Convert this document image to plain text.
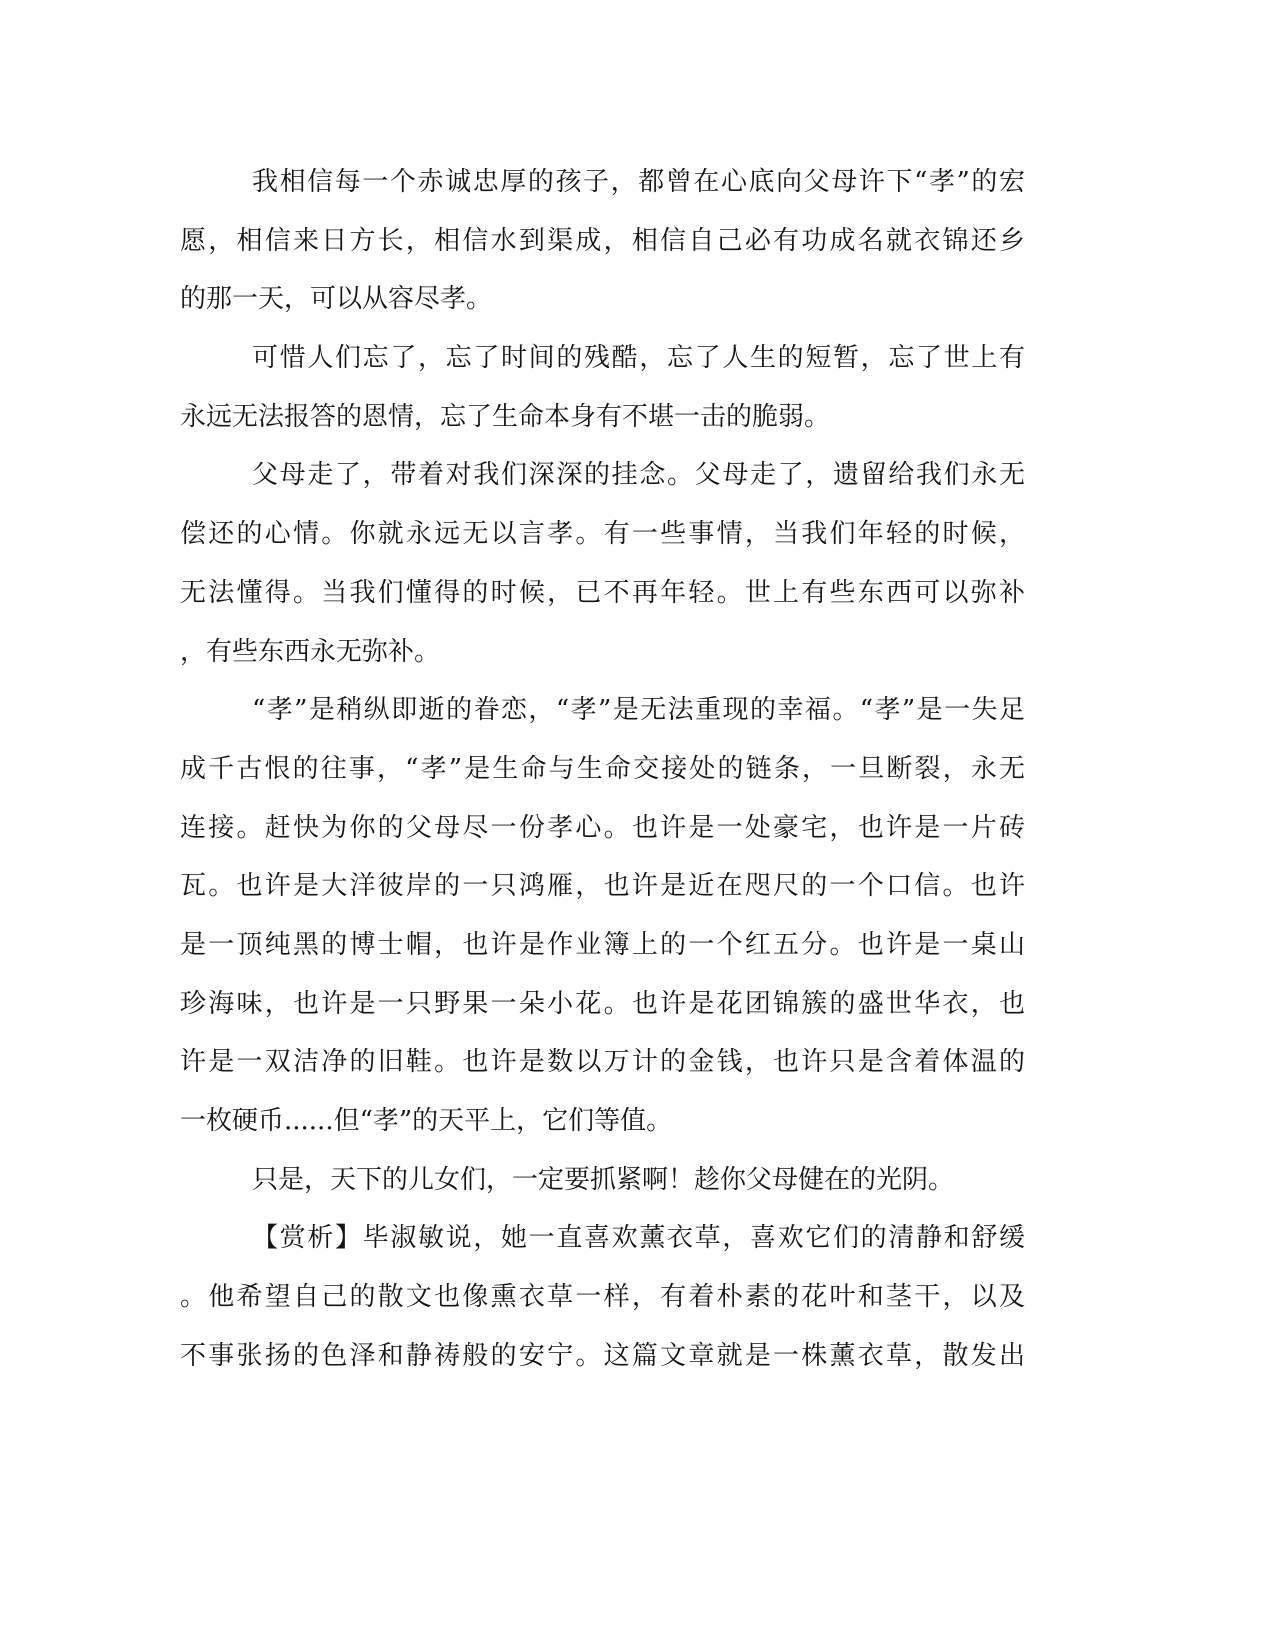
我相信每一个赤诚忠厚的孩子，都曾在心底向父母许下“孝”的宏
愿，相信来日方长，相信水到渠成，相信自己必有功成名就衣锦还乡
的那一天，可以从容尽孝。
可惜人们忘了，忘了时间的残酷，忘了人生的短暂，忘了世上有
永远无法报答的恩情，忘了生命本身有不堪一击的脆弱。
父母走了，带着对我们深深的挂念。父母走了，遗留给我们永无
偿还的心情。你就永远无以言孝。有一些事情，当我们年轻的时候，
无法懂得。当我们懂得的时候，已不再年轻。世上有些东西可以弥补
，有些东西永无弥补。
“孝”是稍纵即逝的眷恋，“孝”是无法重现的幸福。“孝”是一失足
成千古恨的往事，“孝”是生命与生命交接处的链条，一旦断裂，永无
连接。赶快为你的父母尽一份孝心。也许是一处豪宅，也许是一片砖
瓦。也许是大洋彼岸的一只鸿雁，也许是近在咫尺的一个口信。也许
是一顶纯黑的博士帽，也许是作业簿上的一个红五分。也许是一桌山
珍海味，也许是一只野果一朵小花。也许是花团锦簇的盛世华衣，也
许是一双洁净的旧鞋。也许是数以万计的金钱，也许只是含着体温的
一枚硬币......但“孝”的天平上，它们等值。
只是，天下的儿女们，一定要抓紧啊！趁你父母健在的光阴。
【赏析】毕淑敏说，她一直喜欢薰衣草，喜欢它们的清静和舒缓
。他希望自己的散文也像熏衣草一样，有着朴素的花叶和茎干，以及
不事张扬的色泽和静祷般的安宁。这篇文章就是一株薰衣草，散发出
